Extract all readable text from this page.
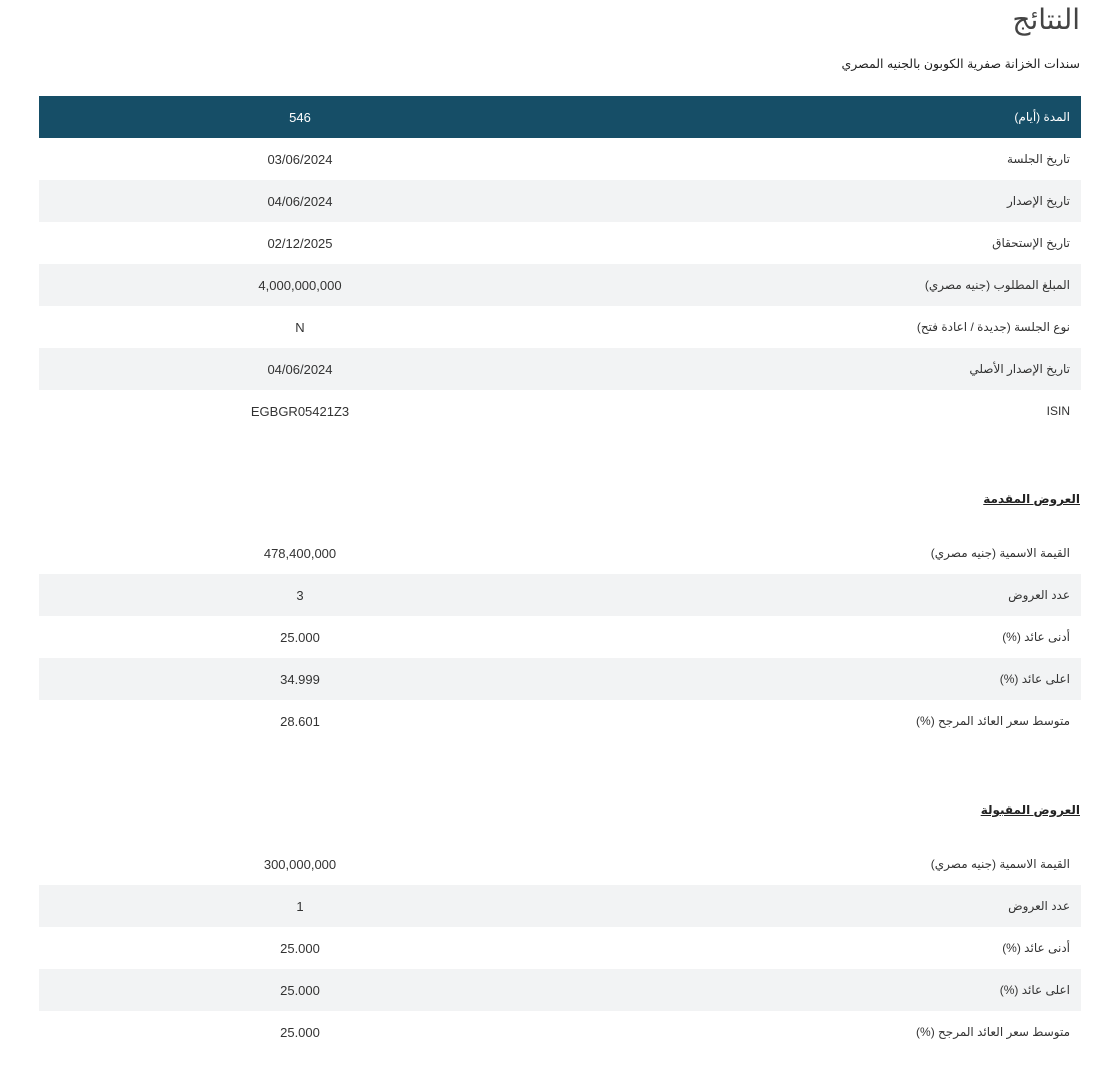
النتائج

سندات الخزانة صفرية الكوبون بالجنيه المصري

المدة (أيام)	546
تاريخ الجلسة	03/06/2024
تاريخ الإصدار	04/06/2024
تاريخ الإستحقاق	02/12/2025
المبلغ المطلوب (جنيه مصري)	4,000,000,000
نوع الجلسة (جديدة / اعادة فتح)	N
تاريخ الإصدار الأصلي	04/06/2024
ISIN	EGBGR05421Z3
العروض المقدمة
القيمة الاسمية (جنيه مصري)	478,400,000
عدد العروض	3
أدنى عائد (%)	25.000
اعلى عائد (%)	34.999
متوسط سعر العائد المرجح (%)	28.601
العروض المقبولة
القيمة الاسمية (جنيه مصري)	300,000,000
عدد العروض	1
أدنى عائد (%)	25.000
اعلى عائد (%)	25.000
متوسط سعر العائد المرجح (%)	25.000
